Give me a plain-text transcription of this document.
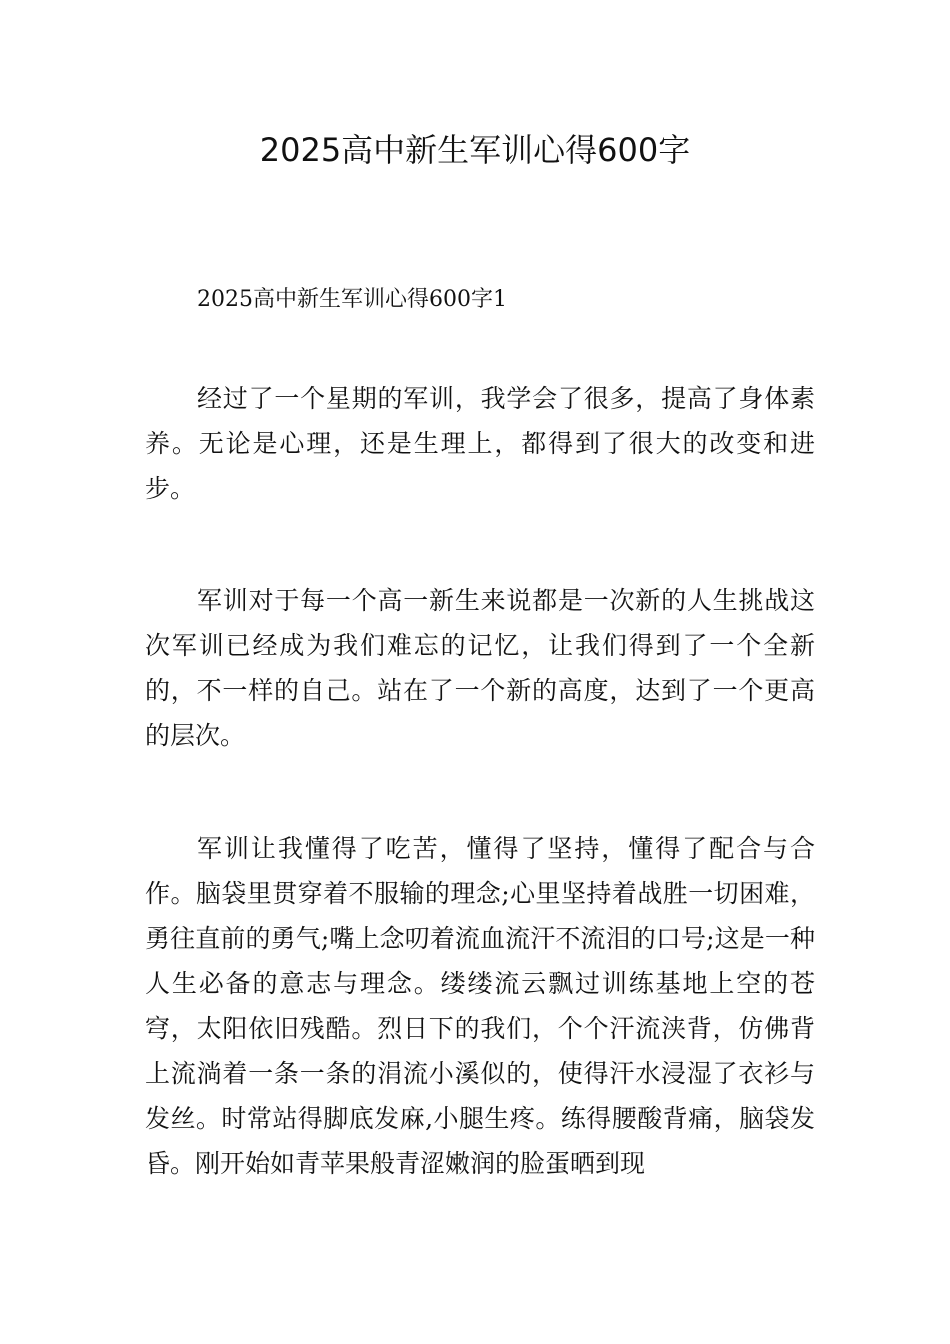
2025高中新生军训心得600字
2025高中新生军训心得600字1

经过了一个星期的军训，我学会了很多，提高了身体素养。无论是心理，还是生理上，都得到了很大的改变和进步。

军训对于每一个高一新生来说都是一次新的人生挑战这次军训已经成为我们难忘的记忆，让我们得到了一个全新的，不一样的自己。站在了一个新的高度，达到了一个更高的层次。

军训让我懂得了吃苦，懂得了坚持，懂得了配合与合作。脑袋里贯穿着不服输的理念;心里坚持着战胜一切困难，勇往直前的勇气;嘴上念叨着流血流汗不流泪的口号;这是一种人生必备的意志与理念。缕缕流云飘过训练基地上空的苍穹，太阳依旧残酷。烈日下的我们，个个汗流浃背，仿佛背上流淌着一条一条的涓流小溪似的，使得汗水浸湿了衣衫与发丝。时常站得脚底发麻,小腿生疼。练得腰酸背痛，脑袋发昏。刚开始如青苹果般青涩嫩润的脸蛋晒到现
